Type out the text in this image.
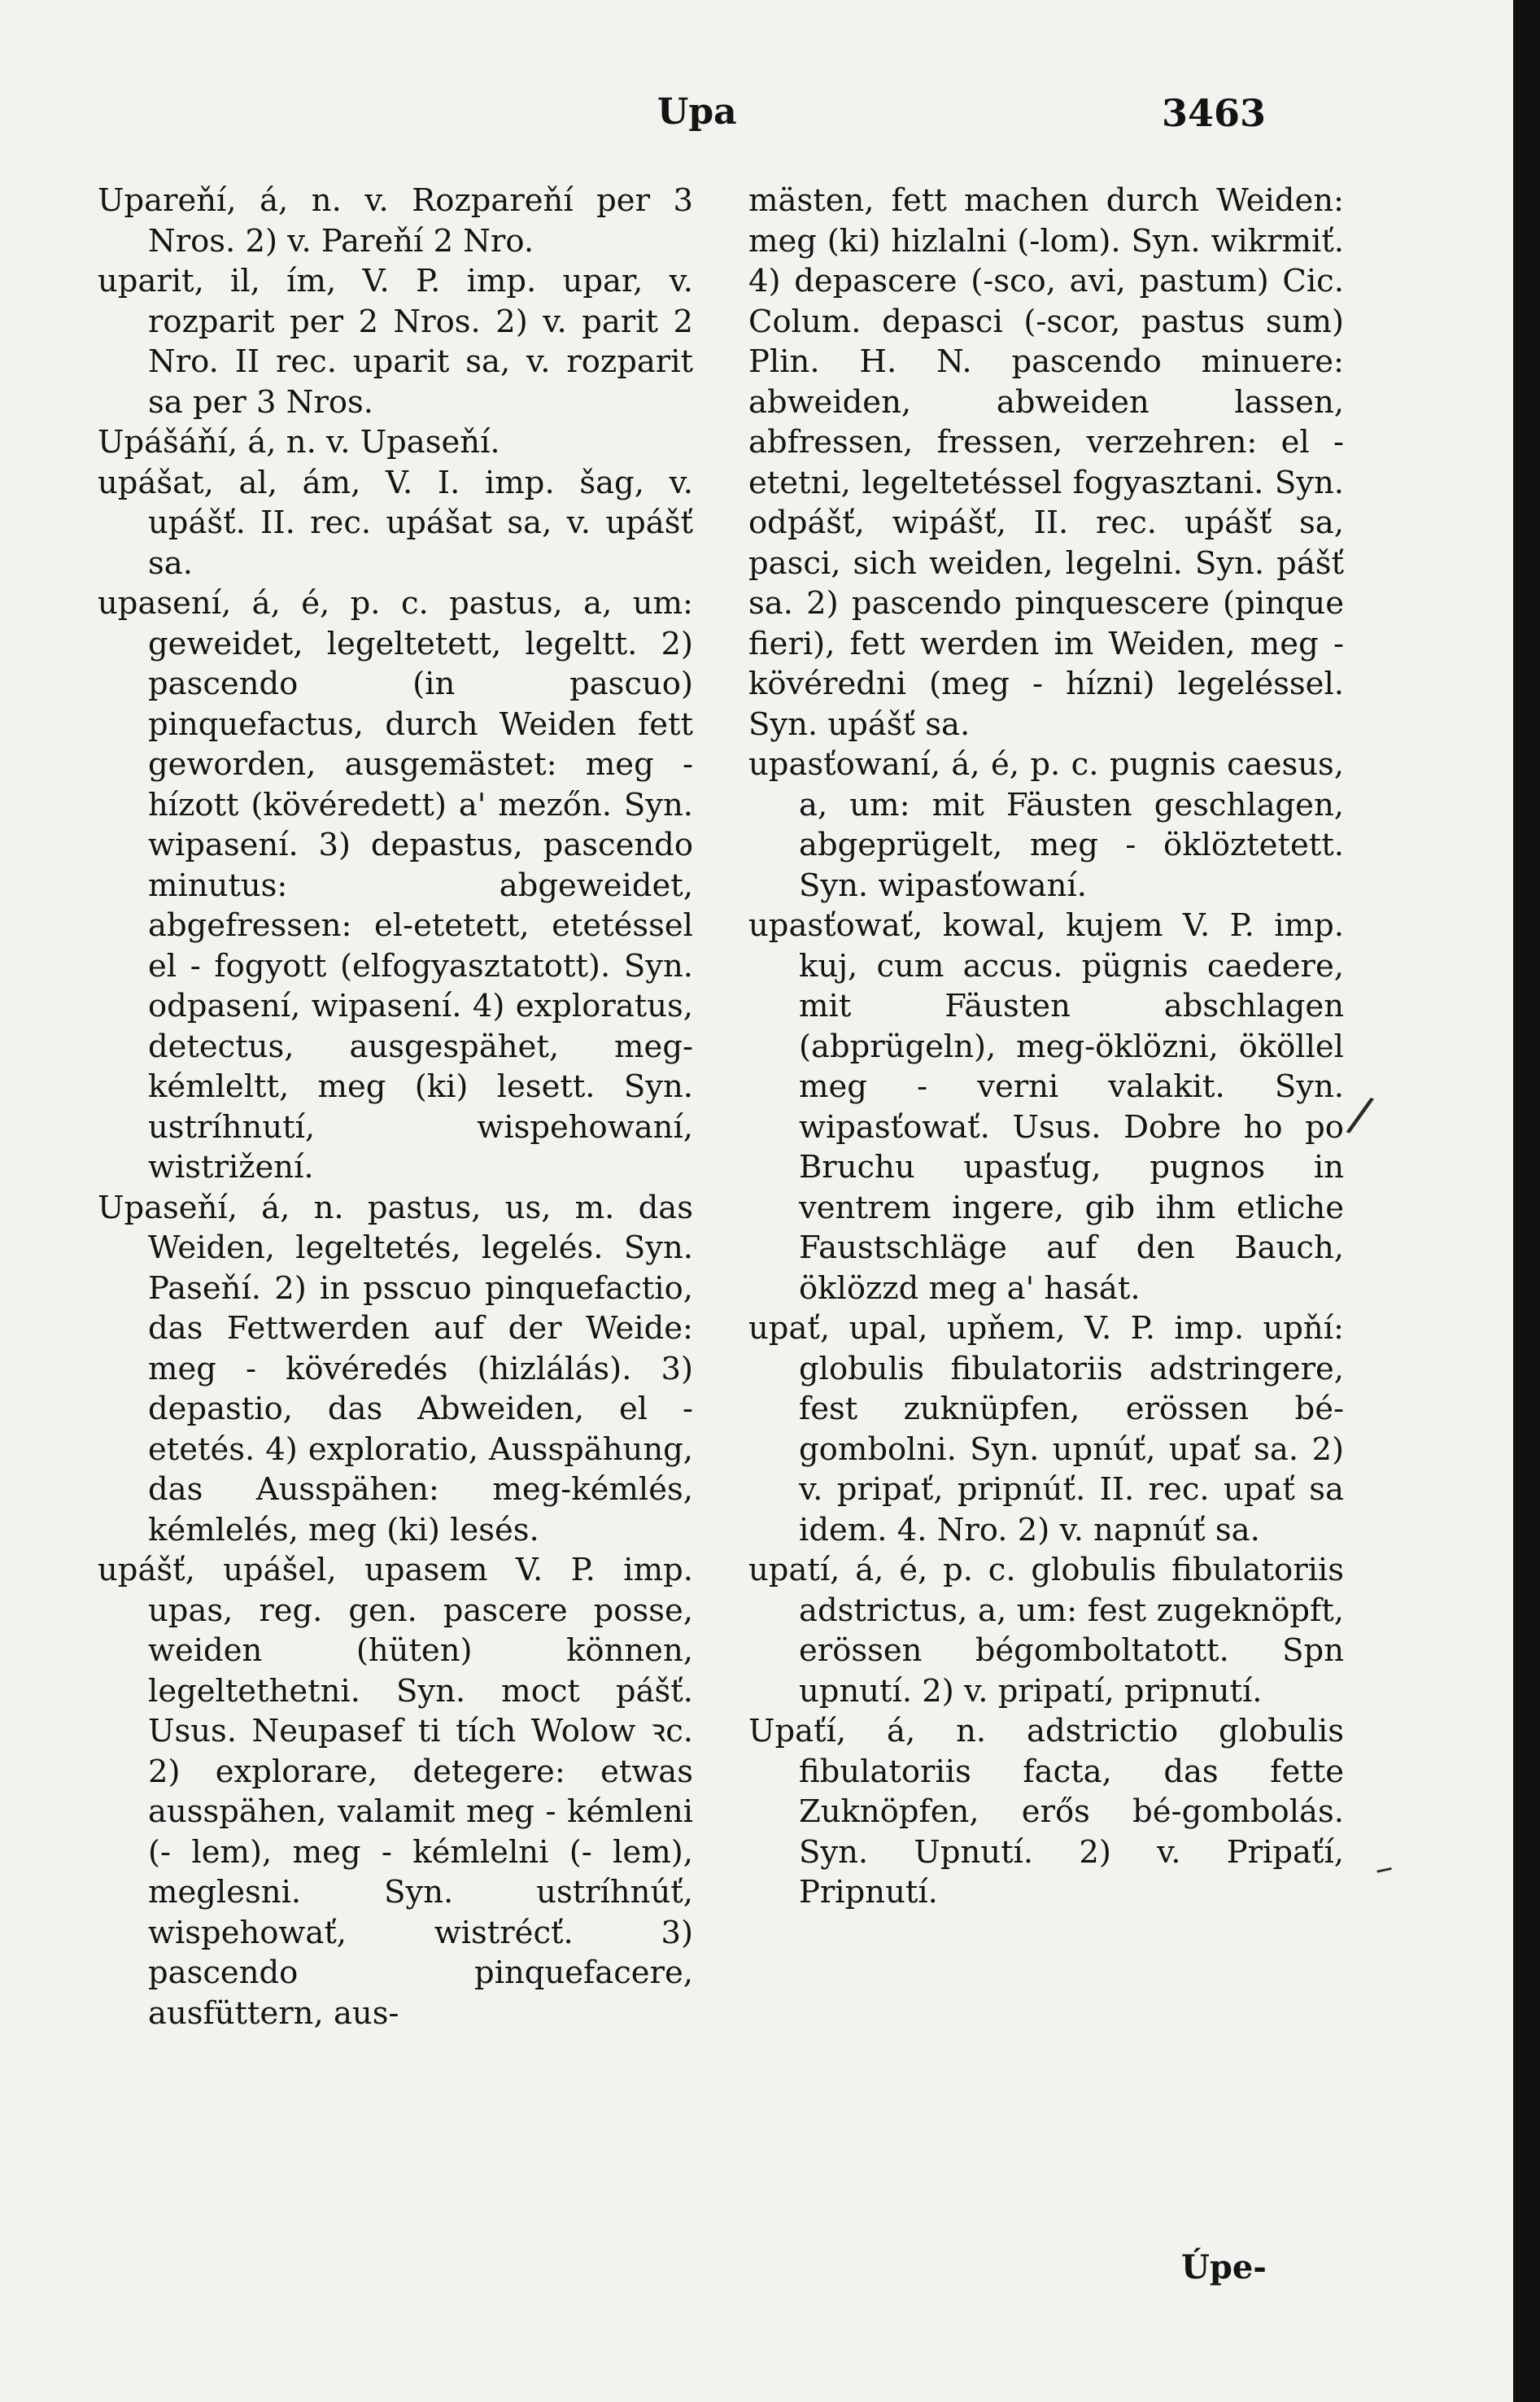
Upa	3463

Upareňí, á, n. v. Rozpareňí per 3 Nros. 2) v. Pareňí 2 Nro.

uparit, il, ím, V. P. imp. upar, v. rozparit per 2 Nros. 2) v. parit 2 Nro. II rec. uparit sa, v. rozparit sa per 3 Nros.

Upášáňí, á, n. v. Upaseňí.

upášat, al, ám, V. I. imp. šag, v. upášť. II. rec. upášat sa, v. upášť sa.

upasení, á, é, p. c. pastus, a, um: geweidet, legeltetett, legeltt. 2) pascendo (in pascuo) pinquefactus, durch Weiden fett geworden, ausgemästet: meg - hízott (kövéredett) a' mezőn. Syn. wipasení. 3) depastus, pascendo minutus: abgeweidet, abgefressen: el-etetett, etetéssel el - fogyott (elfogyasztatott). Syn. odpasení, wipasení. 4) exploratus, detectus, ausgespähet, meg-kémleltt, meg (ki) lesett. Syn. ustríhnutí, wispehowaní, wistrižení.

Upaseňí, á, n. pastus, us, m. das Weiden, legeltetés, legelés. Syn. Paseňí. 2) in psscuo pinquefactio, das Fettwerden auf der Weide: meg - kövéredés (hizlálás). 3) depastio, das Abweiden, el - etetés. 4) exploratio, Ausspähung, das Ausspähen: meg-kémlés, kémlelés, meg (ki) lesés.

upášť, upášel, upasem V. P. imp. upas, reg. gen. pascere posse, weiden (hüten) können, legeltethetni. Syn. moct pášť. Usus. Neupasef ti tích Wolow ꝛc. 2) explorare, detegere: etwas ausspähen, valamit meg - kémleni (- lem), meg - kémlelni (- lem), meglesni. Syn. ustríhnúť, wispehowať, wistrécť. 3) pascendo pinquefacere, ausfüttern, aus-

mästen, fett machen durch Weiden: meg (ki) hizlalni (-lom). Syn. wikrmiť. 4) depascere (-sco, avi, pastum) Cic. Colum. depasci (-scor, pastus sum) Plin. H. N. pascendo minuere: abweiden, abweiden lassen, abfressen, fressen, verzehren: el - etetni, legeltetéssel fogyasztani. Syn. odpášť, wipášť, II. rec. upášť sa, pasci, sich weiden, legelni. Syn. pášť sa. 2) pascendo pinquescere (pinque fieri), fett werden im Weiden, meg - kövéredni (meg - hízni) legeléssel. Syn. upášť sa.

upasťowaní, á, é, p. c. pugnis caesus, a, um: mit Fäusten geschlagen, abgeprügelt, meg - öklöztetett. Syn. wipasťowaní.

upasťowať, kowal, kujem V. P. imp. kuj, cum accus. pügnis caedere, mit Fäusten abschlagen (abprügeln), meg-öklözni, ököllel meg - verni valakit. Syn. wipasťowať. Usus. Dobre ho po Bruchu upasťug, pugnos in ventrem ingere, gib ihm etliche Faustschläge auf den Bauch, öklözzd meg a' hasát.

upať, upal, upňem, V. P. imp. upňí: globulis fibulatoriis adstringere, fest zuknüpfen, erössen bé-gombolni. Syn. upnúť, upať sa. 2) v. pripať, pripnúť. II. rec. upať sa idem. 4. Nro. 2) v. napnúť sa.

upatí, á, é, p. c. globulis fibulatoriis adstrictus, a, um: fest zugeknöpft, erössen bégomboltatott. Spn upnutí. 2) v. pripatí, pripnutí.

Upaťí, á, n. adstrictio globulis fibulatoriis facta, das fette Zuknöpfen, erős bé-gombolás. Syn. Upnutí. 2) v. Pripaťí, Pripnutí.

Úpe-
/
–
